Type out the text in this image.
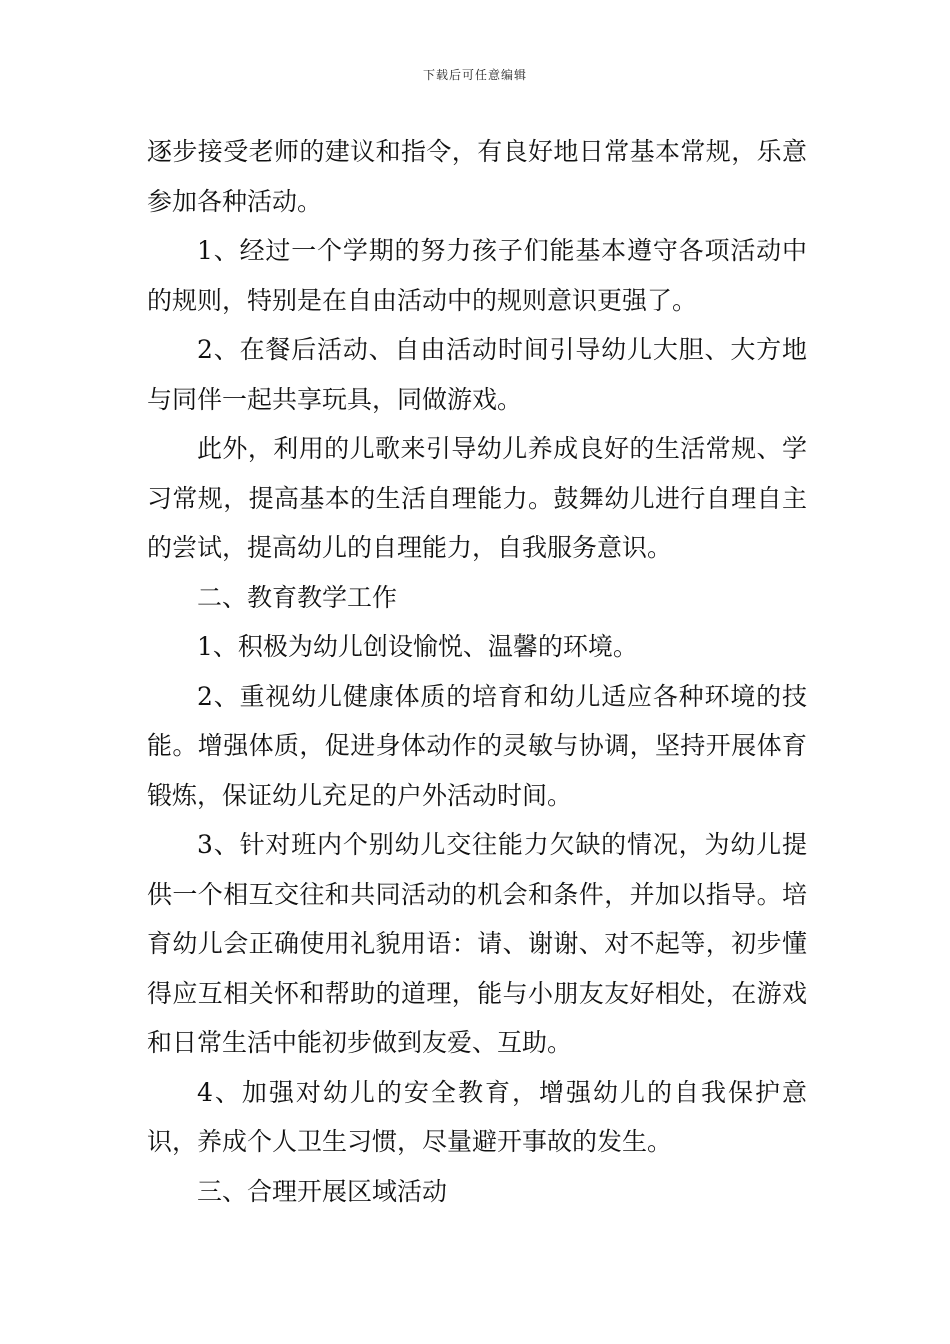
下载后可任意编辑

逐步接受老师的建议和指令，有良好地日常基本常规，乐意参加各种活动。

1、经过一个学期的努力孩子们能基本遵守各项活动中的规则，特别是在自由活动中的规则意识更强了。

2、在餐后活动、自由活动时间引导幼儿大胆、大方地与同伴一起共享玩具，同做游戏。

此外，利用的儿歌来引导幼儿养成良好的生活常规、学习常规，提高基本的生活自理能力。鼓舞幼儿进行自理自主的尝试，提高幼儿的自理能力，自我服务意识。

二、教育教学工作

1、积极为幼儿创设愉悦、温馨的环境。

2、重视幼儿健康体质的培育和幼儿适应各种环境的技能。增强体质，促进身体动作的灵敏与协调，坚持开展体育锻炼，保证幼儿充足的户外活动时间。

3、针对班内个别幼儿交往能力欠缺的情况，为幼儿提供一个相互交往和共同活动的机会和条件，并加以指导。培育幼儿会正确使用礼貌用语：请、谢谢、对不起等，初步懂得应互相关怀和帮助的道理，能与小朋友友好相处，在游戏和日常生活中能初步做到友爱、互助。

4、加强对幼儿的安全教育，增强幼儿的自我保护意识，养成个人卫生习惯，尽量避开事故的发生。

三、合理开展区域活动
